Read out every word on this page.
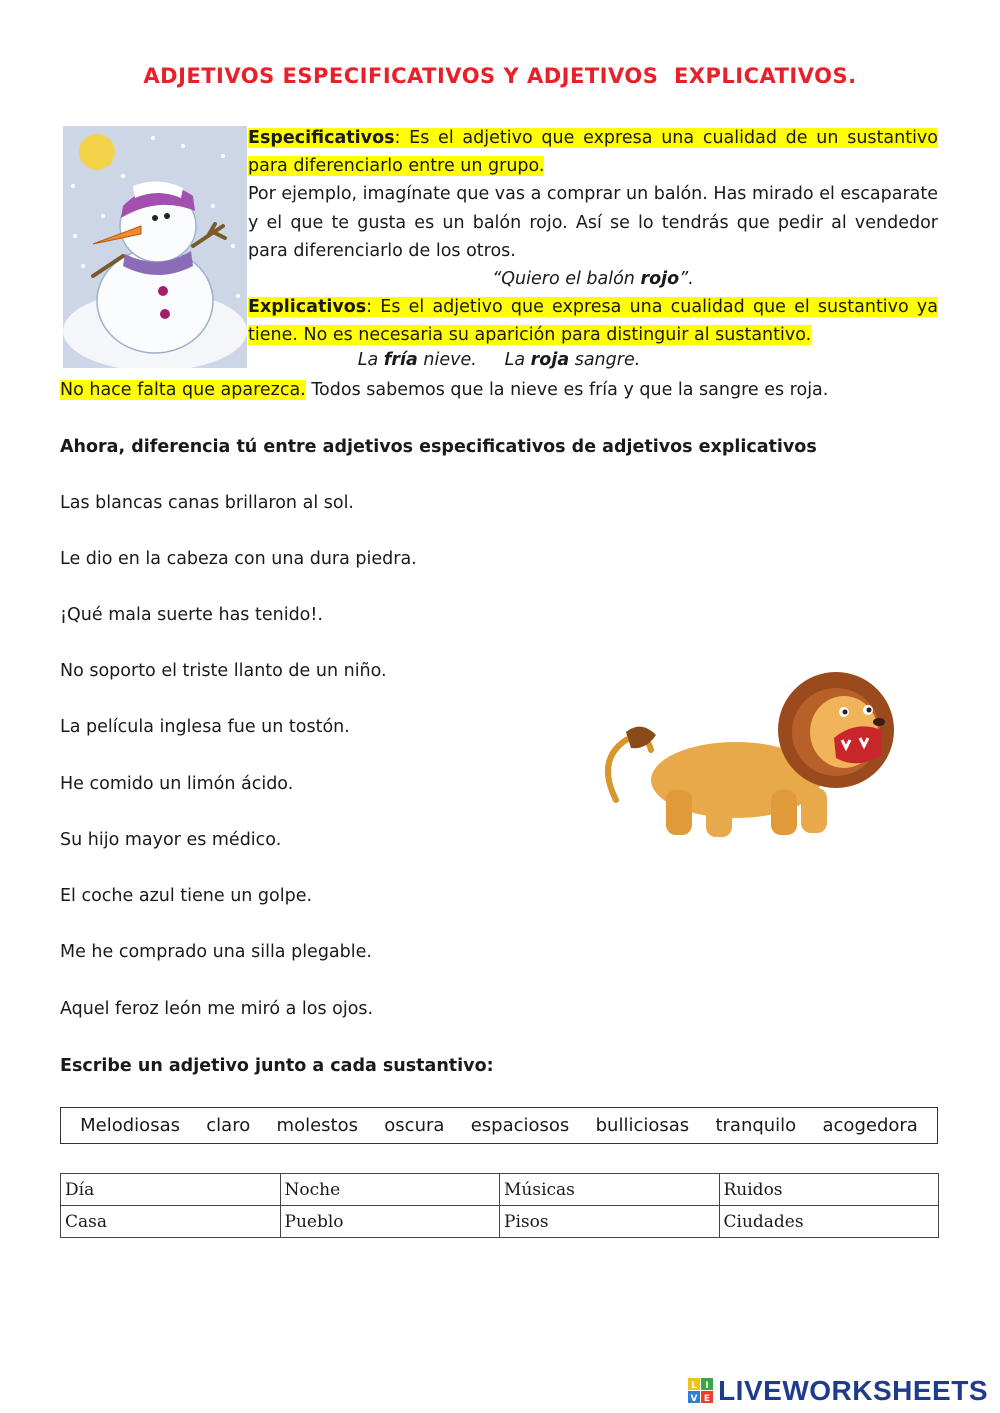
ADJETIVOS ESPECIFICATIVOS Y ADJETIVOS  EXPLICATIVOS.

Especificativos: Es el adjetivo que expresa una cualidad de un sustantivo para diferenciarlo entre un grupo.

Por ejemplo, imagínate que vas a comprar un balón. Has mirado el escaparate y el que te gusta es un balón rojo. Así se lo tendrás que pedir al vendedor para diferenciarlo de los otros.

“Quiero el balón rojo”.

Explicativos: Es el adjetivo que expresa una cualidad que el sustantivo ya tiene. No es necesaria su aparición para distinguir al sustantivo.

La fría nieve. La roja sangre.
No hace falta que aparezca. Todos sabemos que la nieve es fría y que la sangre es roja.
Ahora, diferencia tú entre adjetivos especificativos de adjetivos explicativos
Las blancas canas brillaron al sol.
Le dio en la cabeza con una dura piedra.
¡Qué mala suerte has tenido!.
No soporto el triste llanto de un niño.
La película inglesa fue un tostón.
He comido un limón ácido.
Su hijo mayor es médico.
El coche azul tiene un golpe.
Me he comprado una silla plegable.
Aquel feroz león me miró a los ojos.
Escribe un adjetivo junto a cada sustantivo:
Melodiosas claro molestos oscura espaciosos bulliciosas tranquilo acogedora
Día	Noche	Músicas	Ruidos
Casa	Pueblo	Pisos	Ciudades
L I
V E LIVEWORKSHEETS
